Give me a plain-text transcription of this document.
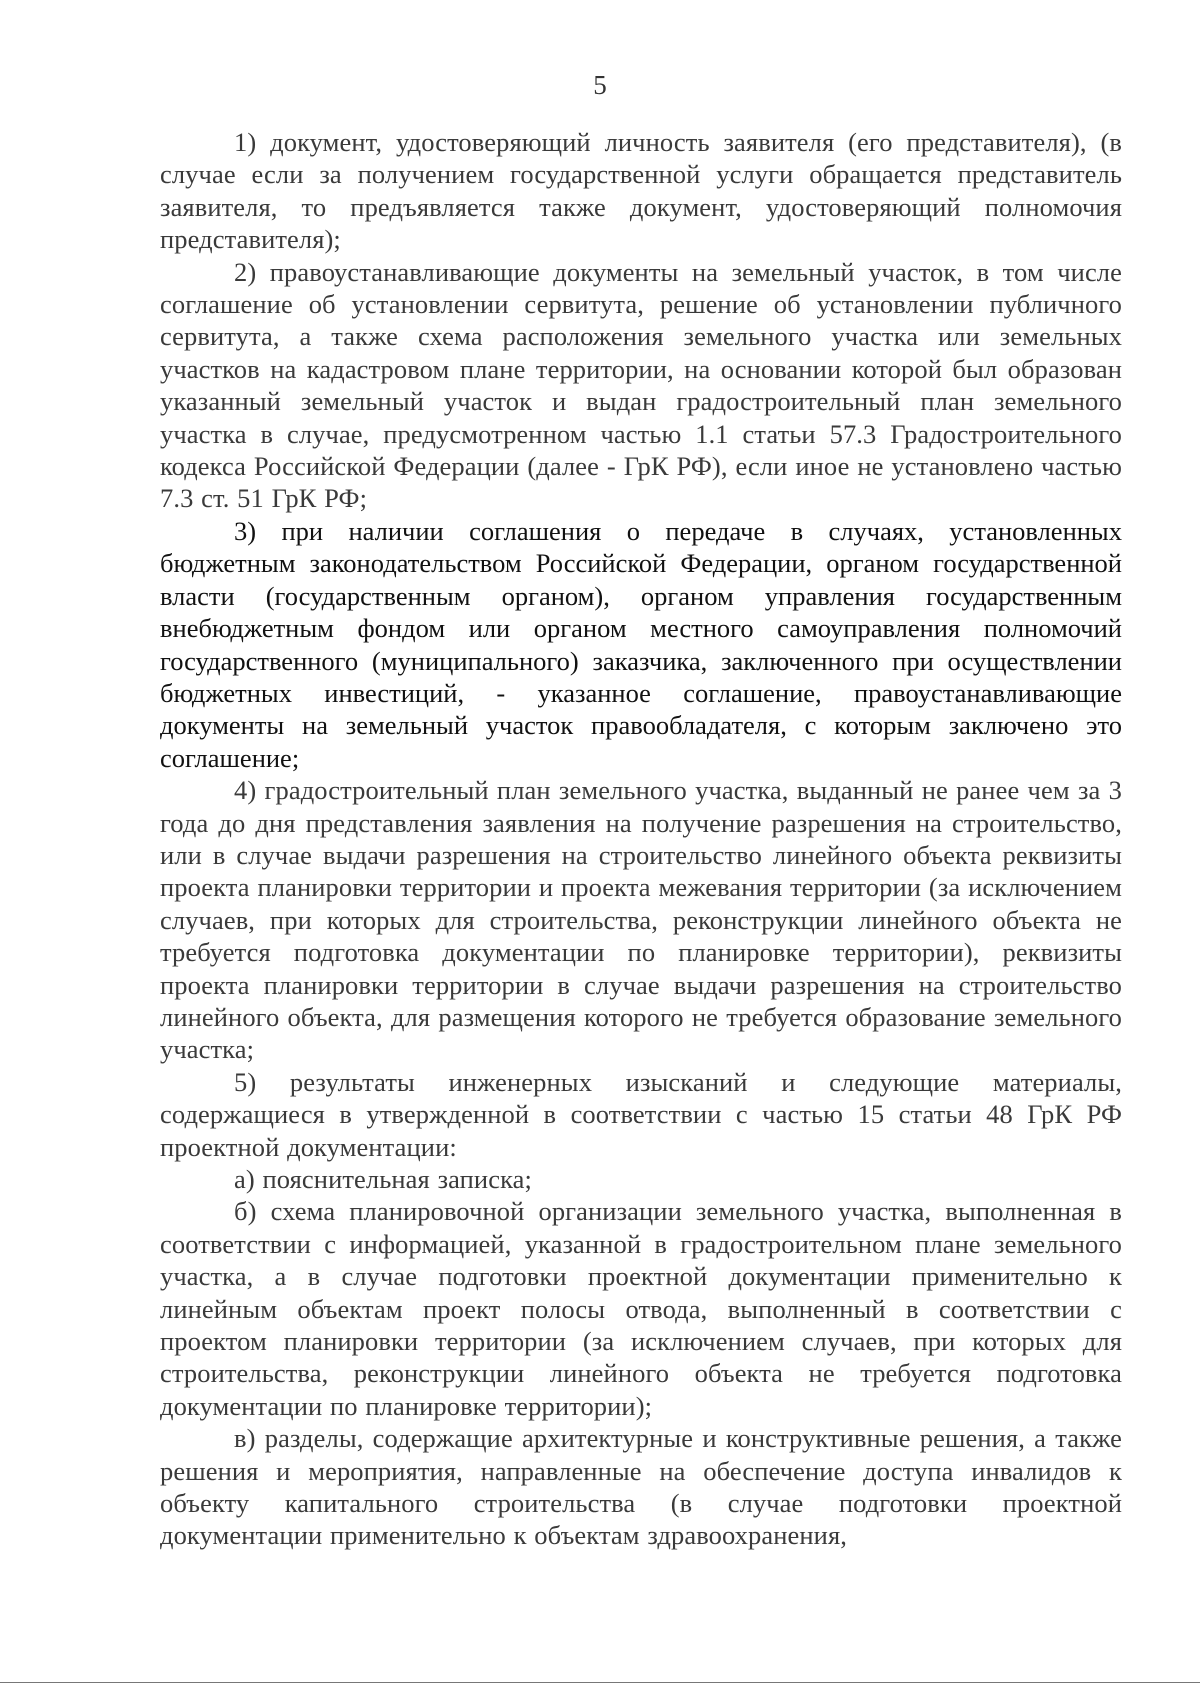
5

1) документ, удостоверяющий личность заявителя (его представителя), (в случае если за получением государственной услуги обращается представитель заявителя, то предъявляется также документ, удостоверяющий полномочия представителя);

2) правоустанавливающие документы на земельный участок, в том числе соглашение об установлении сервитута, решение об установлении публичного сервитута, а также схема расположения земельного участка или земельных участков на кадастровом плане территории, на основании которой был образован указанный земельный участок и выдан градостроительный план земельного участка в случае, предусмотренном частью 1.1 статьи 57.3 Градостроительного кодекса Российской Федерации (далее - ГрК РФ), если иное не установлено частью 7.3 ст. 51 ГрК РФ;

3) при наличии соглашения о передаче в случаях, установленных бюджетным законодательством Российской Федерации, органом государственной власти (государственным органом), органом управления государственным внебюджетным фондом или органом местного самоуправления полномочий государственного (муниципального) заказчика, заключенного при осуществлении бюджетных инвестиций, - указанное соглашение, правоустанавливающие документы на земельный участок правообладателя, с которым заключено это соглашение;

4) градостроительный план земельного участка, выданный не ранее чем за 3 года до дня представления заявления на получение разрешения на строительство, или в случае выдачи разрешения на строительство линейного объекта реквизиты проекта планировки территории и проекта межевания территории (за исключением случаев, при которых для строительства, реконструкции линейного объекта не требуется подготовка документации по планировке территории), реквизиты проекта планировки территории в случае выдачи разрешения на строительство линейного объекта, для размещения которого не требуется образование земельного участка;

5) результаты инженерных изысканий и следующие материалы, содержащиеся в утвержденной в соответствии с частью 15 статьи 48 ГрК РФ проектной документации:

а) пояснительная записка;

б) схема планировочной организации земельного участка, выполненная в соответствии с информацией, указанной в градостроительном плане земельного участка, а в случае подготовки проектной документации применительно к линейным объектам проект полосы отвода, выполненный в соответствии с проектом планировки территории (за исключением случаев, при которых для строительства, реконструкции линейного объекта не требуется подготовка документации по планировке территории);

в) разделы, содержащие архитектурные и конструктивные решения, а также решения и мероприятия, направленные на обеспечение доступа инвалидов к объекту капитального строительства (в случае подготовки проектной документации применительно к объектам здравоохранения,
